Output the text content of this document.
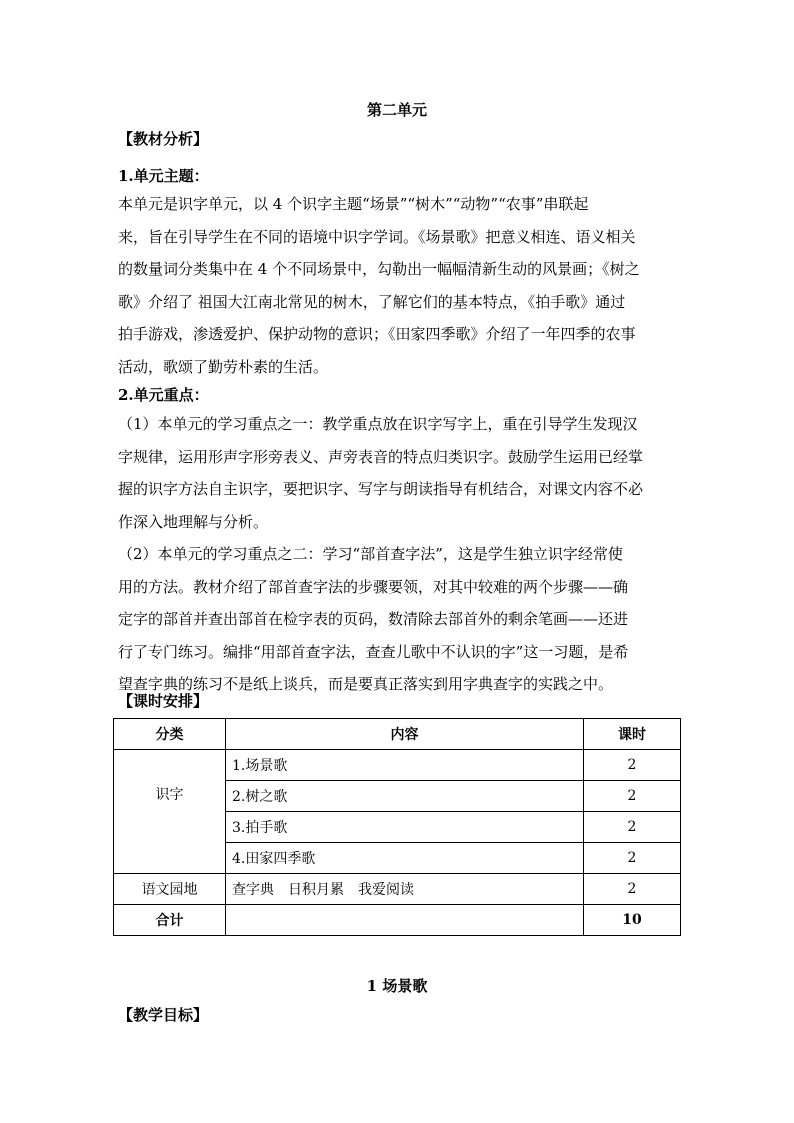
第二单元
【教材分析】
1.单元主题：
本单元是识字单元，以 4 个识字主题“场景”“树木”“动物”“农事”串联起
来，旨在引导学生在不同的语境中识字学词。《场景歌》把意义相连、语义相关
的数量词分类集中在 4 个不同场景中，勾勒出一幅幅清新生动的风景画；《树之
歌》介绍了 祖国大江南北常见的树木，了解它们的基本特点，《拍手歌》通过
拍手游戏，渗透爱护、保护动物的意识；《田家四季歌》介绍了一年四季的农事
活动，歌颂了勤劳朴素的生活。
2.单元重点：
（1）本单元的学习重点之一：教学重点放在识字写字上，重在引导学生发现汉
字规律，运用形声字形旁表义、声旁表音的特点归类识字。鼓励学生运用已经掌
握的识字方法自主识字，要把识字、写字与朗读指导有机结合，对课文内容不必
作深入地理解与分析。
（2）本单元的学习重点之二：学习“部首查字法”，这是学生独立识字经常使
用的方法。教材介绍了部首查字法的步骤要领，对其中较难的两个步骤——确
定字的部首并查出部首在检字表的页码，数清除去部首外的剩余笔画——还进
行了专门练习。编排“用部首查字法，查查儿歌中不认识的字”这一习题，是希
望查字典的练习不是纸上谈兵，而是要真正落实到用字典查字的实践之中。
【课时安排】
分类	内容	课时
识字	1.场景歌	2
	2.树之歌	2
	3.拍手歌	2
	4.田家四季歌	2
语文园地	查字典　日积月累　我爱阅读	2
合计		10
1 场景歌
【教学目标】
